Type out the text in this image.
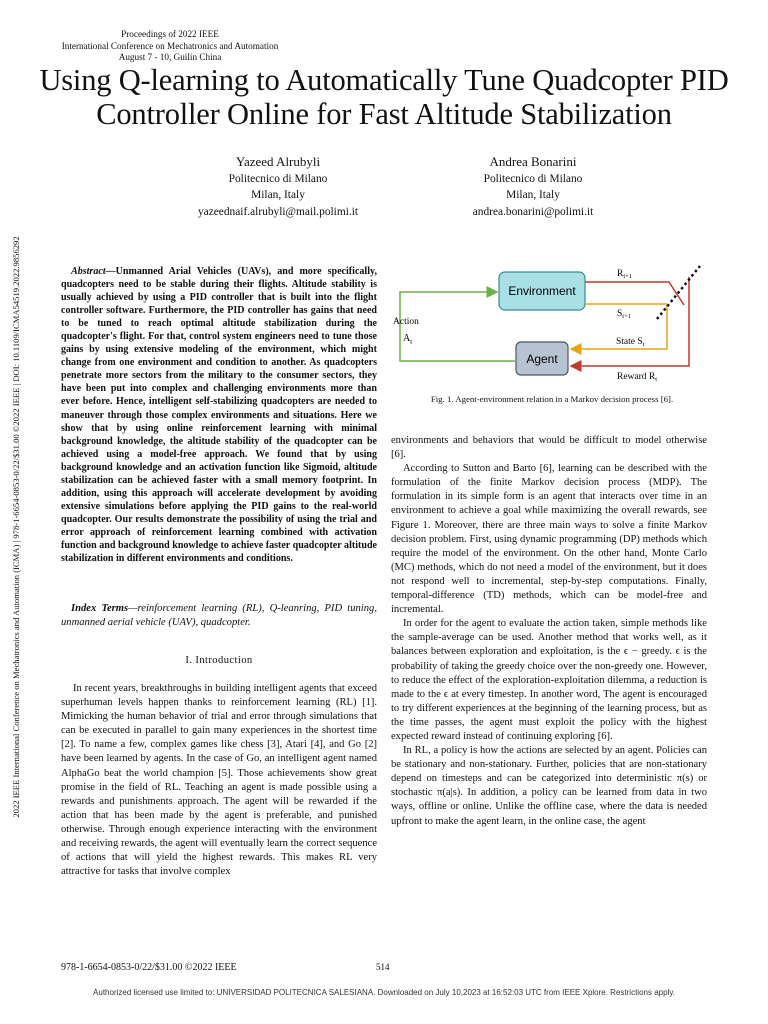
2022 IEEE International Conference on Mechatronics and Automation (ICMA) | 978-1-6654-0853-0/22/$31.00 ©2022 IEEE | DOI: 10.1109/ICMA54519.2022.9856292
Proceedings of 2022 IEEE
International Conference on Mechatronics and Automation
August 7 - 10, Guilin China
Using Q-learning to Automatically Tune Quadcopter PID Controller Online for Fast Altitude Stabilization
Yazeed Alrubyli
Politecnico di Milano
Milan, Italy
yazeednaif.alrubyli@mail.polimi.it
Andrea Bonarini
Politecnico di Milano
Milan, Italy
andrea.bonarini@polimi.it
Abstract—Unmanned Arial Vehicles (UAVs), and more specifically, quadcopters need to be stable during their flights. Altitude stability is usually achieved by using a PID controller that is built into the flight controller software. Furthermore, the PID controller has gains that need to be tuned to reach optimal altitude stabilization during the quadcopter's flight. For that, control system engineers need to tune those gains by using extensive modeling of the environment, which might change from one environment and condition to another. As quadcopters penetrate more sectors from the military to the consumer sectors, they have been put into complex and challenging environments more than ever before. Hence, intelligent self-stabilizing quadcopters are needed to maneuver through those complex environments and situations. Here we show that by using online reinforcement learning with minimal background knowledge, the altitude stability of the quadcopter can be achieved using a model-free approach. We found that by using background knowledge and an activation function like Sigmoid, altitude stabilization can be achieved faster with a small memory footprint. In addition, using this approach will accelerate development by avoiding extensive simulations before applying the PID gains to the real-world quadcopter. Our results demonstrate the possibility of using the trial and error approach of reinforcement learning combined with activation function and background knowledge to achieve faster quadcopter altitude stabilization in different environments and conditions.
Index Terms—reinforcement learning (RL), Q-leanring, PID tuning, unmanned aerial vehicle (UAV), quadcopter.
I. Introduction

In recent years, breakthroughs in building intelligent agents that exceed superhuman levels happen thanks to reinforcement learning (RL) [1]. Mimicking the human behavior of trial and error through simulations that can be executed in parallel to gain many experiences in the shortest time [2]. To name a few, complex games like chess [3], Atari [4], and Go [2] have been learned by agents. In the case of Go, an intelligent agent named AlphaGo beat the world champion [5]. Those achievements show great promise in the field of RL. Teaching an agent is made possible using a rewards and punishments approach. The agent will be rewarded if the action that has been made by the agent is preferable, and punished otherwise. Through enough experience interacting with the environment and receiving rewards, the agent will eventually learn the correct sequence of actions that will yield the highest rewards. This makes RL very attractive for tasks that involve complex

Environment
Agent
Action
$A_t$
$R_{t+1}$
$S_{t+1}$
State $S_t$
Reward $R_t$
Fig. 1. Agent-environment relation in a Markov decision process [6].

environments and behaviors that would be difficult to model otherwise [6].

According to Sutton and Barto [6], learning can be described with the formulation of the finite Markov decision process (MDP). The formulation in its simple form is an agent that interacts over time in an environment to achieve a goal while maximizing the overall rewards, see Figure 1. Moreover, there are three main ways to solve a finite Markov decision problem. First, using dynamic programming (DP) methods which require the model of the environment. On the other hand, Monte Carlo (MC) methods, which do not need a model of the environment, but it does not respond well to incremental, step-by-step computations. Finally, temporal-difference (TD) methods, which can be model-free and incremental.

In order for the agent to evaluate the action taken, simple methods like the sample-average can be used. Another method that works well, as it balances between exploration and exploitation, is the ϵ − greedy. ϵ is the probability of taking the greedy choice over the non-greedy one. However, to reduce the effect of the exploration-exploitation dilemma, a reduction is made to the ϵ at every timestep. In another word, The agent is encouraged to try different experiences at the beginning of the learning process, but as the time passes, the agent must exploit the policy with the highest expected reward instead of continuing exploring [6].

In RL, a policy is how the actions are selected by an agent. Policies can be stationary and non-stationary. Further, policies that are non-stationary depend on timesteps and can be categorized into deterministic π(s) or stochastic π(a|s). In addition, a policy can be learned from data in two ways, offline or online. Unlike the offline case, where the data is needed upfront to make the agent learn, in the online case, the agent

978-1-6654-0853-0/22/$31.00 ©2022 IEEE	514
Authorized licensed use limited to: UNIVERSIDAD POLITECNICA SALESIANA. Downloaded on July 10,2023 at 16:52:03 UTC from IEEE Xplore. Restrictions apply.
